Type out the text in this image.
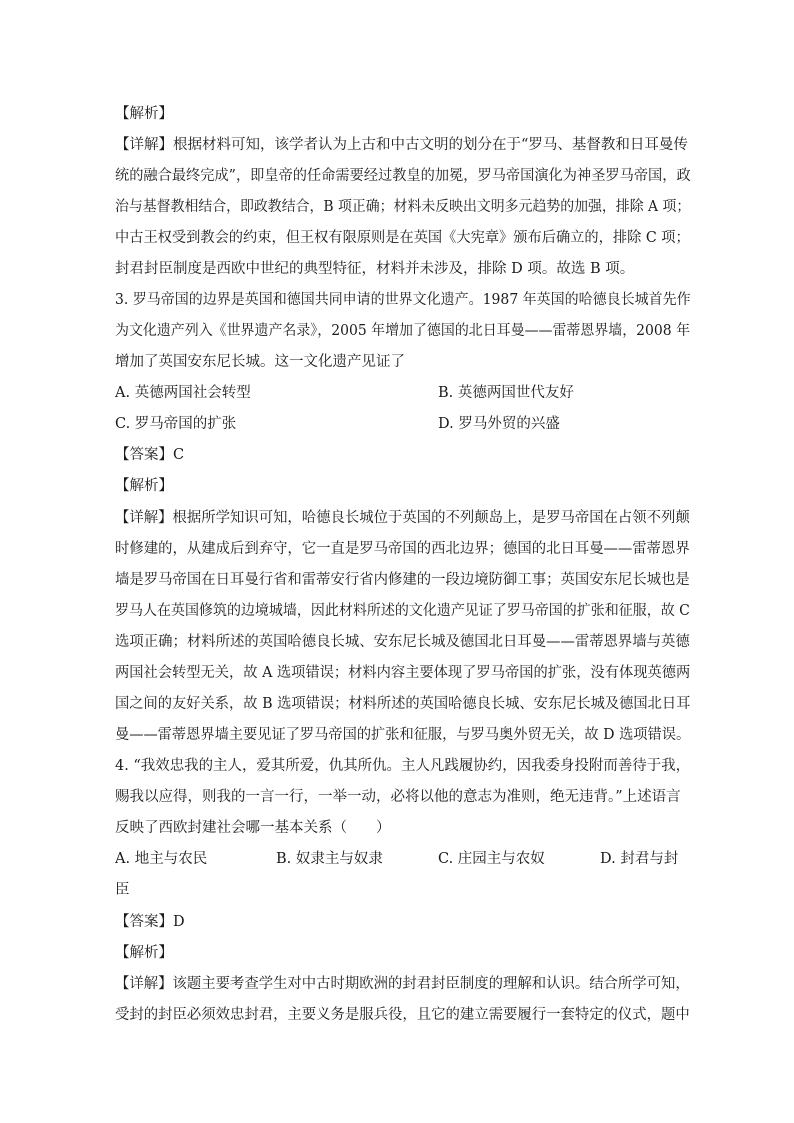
【解析】
【详解】根据材料可知，该学者认为上古和中古文明的划分在于“罗马、基督教和日耳曼传
统的融合最终完成”，即皇帝的任命需要经过教皇的加冕，罗马帝国演化为神圣罗马帝国，政
治与基督教相结合，即政教结合，B 项正确；材料未反映出文明多元趋势的加强，排除 A 项；
中古王权受到教会的约束，但王权有限原则是在英国《大宪章》颁布后确立的，排除 C 项；
封君封臣制度是西欧中世纪的典型特征，材料并未涉及，排除 D 项。故选 B 项。
3. 罗马帝国的边界是英国和德国共同申请的世界文化遗产。1987 年英国的哈德良长城首先作
为文化遗产列入《世界遗产名录》，2005 年增加了德国的北日耳曼——雷蒂恩界墙，2008 年
增加了英国安东尼长城。这一文化遗产见证了
A. 英德两国社会转型	B. 英德两国世代友好
C. 罗马帝国的扩张	D. 罗马外贸的兴盛
【答案】C
【解析】
【详解】根据所学知识可知，哈德良长城位于英国的不列颠岛上，是罗马帝国在占领不列颠
时修建的，从建成后到弃守，它一直是罗马帝国的西北边界；德国的北日耳曼——雷蒂恩界
墙是罗马帝国在日耳曼行省和雷蒂安行省内修建的一段边境防御工事；英国安东尼长城也是
罗马人在英国修筑的边境城墙，因此材料所述的文化遗产见证了罗马帝国的扩张和征服，故 C
选项正确；材料所述的英国哈德良长城、安东尼长城及德国北日耳曼——雷蒂恩界墙与英德
两国社会转型无关，故 A 选项错误；材料内容主要体现了罗马帝国的扩张，没有体现英德两
国之间的友好关系，故 B 选项错误；材料所述的英国哈德良长城、安东尼长城及德国北日耳
曼——雷蒂恩界墙主要见证了罗马帝国的扩张和征服，与罗马奥外贸无关，故 D 选项错误。
4. “我效忠我的主人，爱其所爱，仇其所仇。主人凡践履协约，因我委身投附而善待于我，
赐我以应得，则我的一言一行，一举一动，必将以他的意志为准则，绝无违背。”上述语言
反映了西欧封建社会哪一基本关系（　　）
A. 地主与农民	B. 奴隶主与奴隶	C. 庄园主与农奴	D. 封君与封
臣
【答案】D
【解析】
【详解】该题主要考查学生对中古时期欧洲的封君封臣制度的理解和认识。结合所学可知，
受封的封臣必须效忠封君，主要义务是服兵役，且它的建立需要履行一套特定的仪式，题中
